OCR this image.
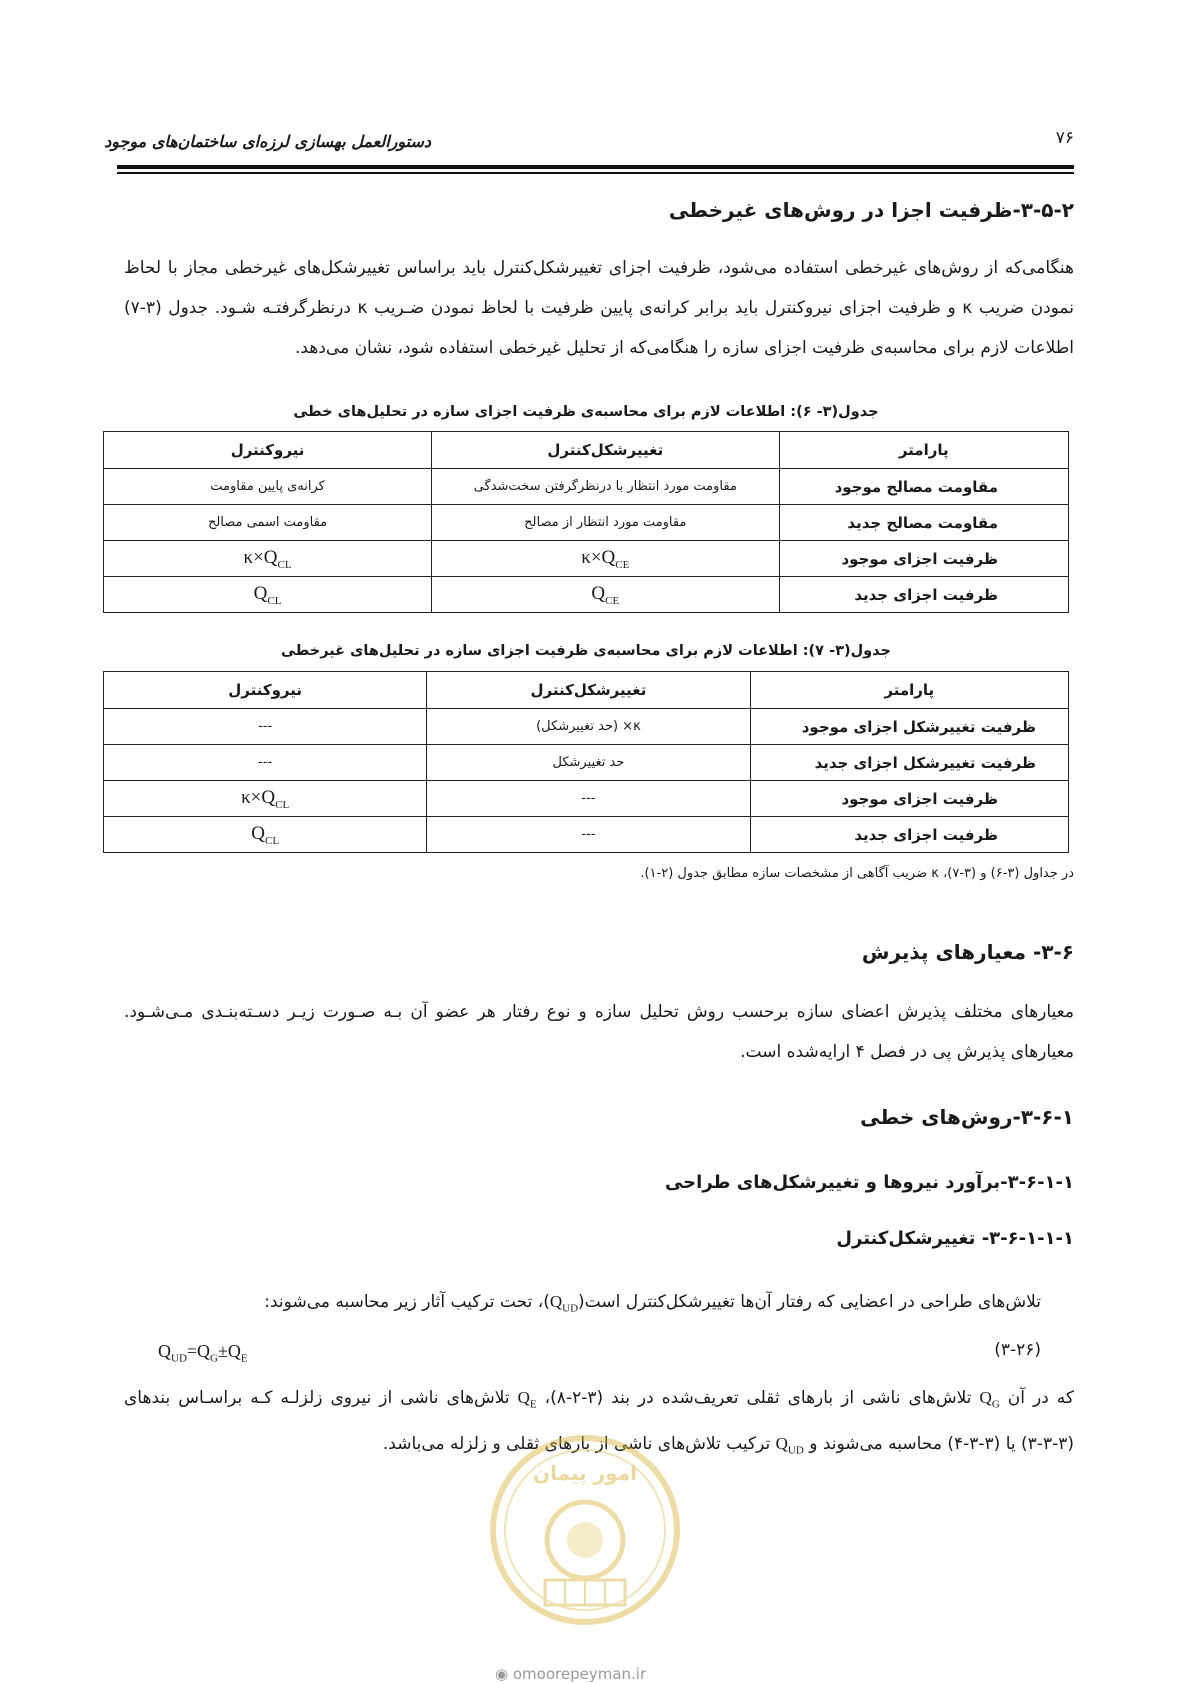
دستورالعمل بهسازی لرزه‌ای ساختمان‌های موجود	۷۶
۳-۵-۲-ظرفیت اجزا در روش‌های غیرخطی
هنگامی‌که از روش‌های غیرخطی استفاده می‌شود، ظرفیت اجزای تغییرشکل‌کنترل باید براساس تغییرشکل‌های غیرخطی مجاز با لحاظ نمودن ضریب κ و ظرفیت اجزای نیروکنترل باید برابر کرانه‌ی پایین ظرفیت با لحاظ نمودن ضـریب κ درنظرگرفتـه شـود. جدول (۳-۷) اطلاعات لازم برای محاسبه‌ی ظرفیت اجزای سازه را هنگامی‌که از تحلیل غیرخطی استفاده شود، نشان می‌دهد.
جدول(۳- ۶): اطلاعات لازم برای محاسبه‌ی ظرفیت اجزای سازه در تحلیل‌های خطی
پارامتر	تغییرشکل‌کنترل	نیروکنترل
مقاومت مصالح موجود	مقاومت مورد انتظار با درنظرگرفتن سخت‌شدگی	کرانه‌ی پایین مقاومت
مقاومت مصالح جدید	مقاومت مورد انتظار از مصالح	مقاومت اسمی مصالح
ظرفیت اجزای موجود	$\kappa\times Q_{CE}$	$\kappa\times Q_{CL}$
ظرفیت اجزای جدید	$Q_{CE}$	$Q_{CL}$
جدول(۳- ۷): اطلاعات لازم برای محاسبه‌ی ظرفیت اجزای سازه در تحلیل‌های غیرخطی
پارامتر	تغییرشکل‌کنترل	نیروکنترل
ظرفیت تغییرشکل اجزای موجود	κ× (حد تغییرشکل)	---
ظرفیت تغییرشکل اجزای جدید	حد تغییرشکل	---
ظرفیت اجزای موجود	---	$\kappa\times Q_{CL}$
ظرفیت اجزای جدید	---	$Q_{CL}$
در جداول (۳-۶) و (۳-۷)، κ ضریب آگاهی از مشخصات سازه مطابق جدول (۲-۱).
۳-۶- معیارهای پذیرش
معیارهای مختلف پذیرش اعضای سازه برحسب روش تحلیل سازه و نوع رفتار هر عضو آن بـه صـورت زیـر دسـته‌بنـدی مـی‌شـود. معیارهای پذیرش پی در فصل ۴ ارایه‌شده است.
۳-۶-۱-روش‌های خطی
۳-۶-۱-۱-برآورد نیروها و تغییرشکل‌های طراحی
۳-۶-۱-۱-۱- تغییرشکل‌کنترل
تلاش‌های طراحی در اعضایی که رفتار آن‌ها تغییرشکل‌کنترل $است(Q_{UD})،$ تحت ترکیب آثار زیر محاسبه می‌شوند:
$Q_{UD}=Q_G\pm Q_E$	(۳-۲۶)
که در آن $Q_G$ تلاش‌های ناشی از بارهای ثقلی تعریف‌شده در بند (۳-۲-۸)، $Q_E$ تلاش‌های ناشی از نیروی زلزلـه کـه براسـاس بندهای (۳-۳-۳) یا (۳-۳-۴) محاسبه می‌شوند و $Q_{UD}$ ترکیب تلاش‌های ناشی از بارهای ثقلی و زلزله می‌باشد.
امور پیمان
◉ omoorepeyman.ir
